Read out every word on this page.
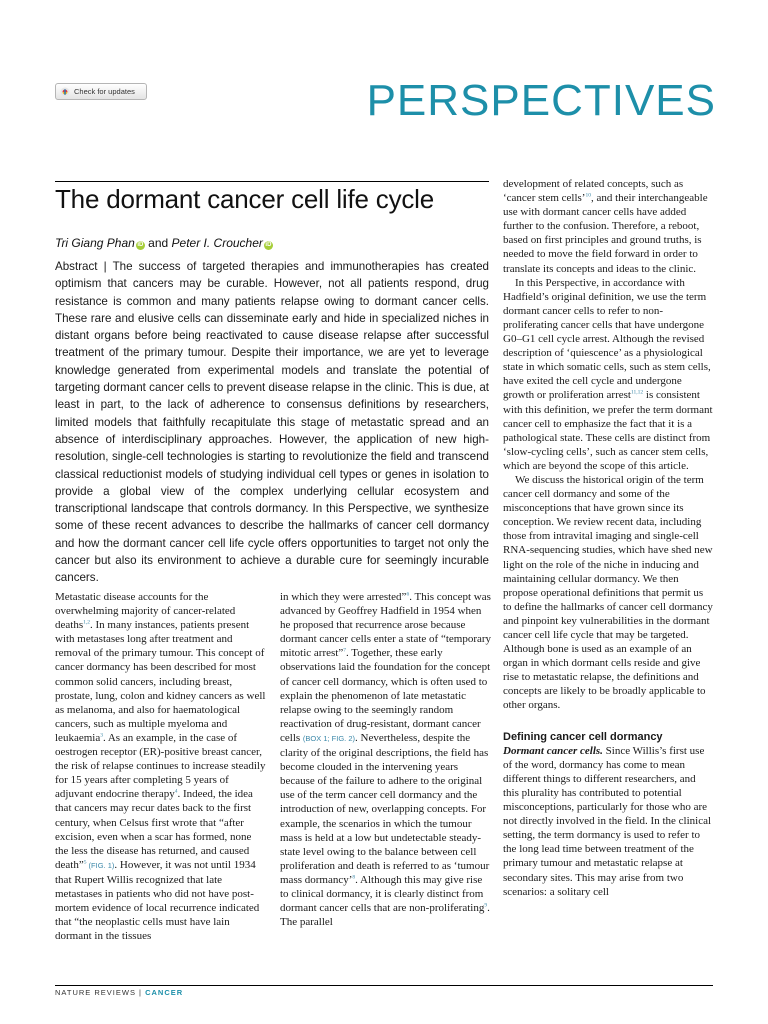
Check for updates	PERSPECTIVES
The dormant cancer cell life cycle
Tri Giang Phan iD and Peter I. Croucher iD

Abstract | The success of targeted therapies and immunotherapies has created optimism that cancers may be curable. However, not all patients respond, drug resistance is common and many patients relapse owing to dormant cancer cells. These rare and elusive cells can disseminate early and hide in specialized niches in distant organs before being reactivated to cause disease relapse after successful treatment of the primary tumour. Despite their importance, we are yet to leverage knowledge generated from experimental models and translate the potential of targeting dormant cancer cells to prevent disease relapse in the clinic. This is due, at least in part, to the lack of adherence to consensus definitions by researchers, limited models that faithfully recapitulate this stage of metastatic spread and an absence of interdisciplinary approaches. However, the application of new high-resolution, single-cell technologies is starting to revolutionize the field and transcend classical reductionist models of studying individual cell types or genes in isolation to provide a global view of the complex underlying cellular ecosystem and transcriptional landscape that controls dormancy. In this Perspective, we synthesize some of these recent advances to describe the hallmarks of cancer cell dormancy and how the dormant cancer cell life cycle offers opportunities to target not only the cancer but also its environment to achieve a durable cure for seemingly incurable cancers.

Metastatic disease accounts for the overwhelming majority of cancer-related deaths$^{1,2}$. In many instances, patients present with metastases long after treatment and removal of the primary tumour. This concept of cancer dormancy has been described for most common solid cancers, including breast, prostate, lung, colon and kidney cancers as well as melanoma, and also for haematological cancers, such as multiple myeloma and leukaemia$^3$. As an example, in the case of oestrogen receptor (ER)-positive breast cancer, the risk of relapse continues to increase steadily for 15 years after completing 5 years of adjuvant endocrine therapy$^4$. Indeed, the idea that cancers may recur dates back to the first century, when Celsus first wrote that “after excision, even when a scar has formed, none the less the disease has returned, and caused death”$^5$ (FIG. 1). However, it was not until 1934 that Rupert Willis recognized that late metastases in patients who did not have post-mortem evidence of local recurrence indicated that “the neoplastic cells must have lain dormant in the tissues

in which they were arrested”$^6$. This concept was advanced by Geoffrey Hadfield in 1954 when he proposed that recurrence arose because dormant cancer cells enter a state of “temporary mitotic arrest”$^7$. Together, these early observations laid the foundation for the concept of cancer cell dormancy, which is often used to explain the phenomenon of late metastatic relapse owing to the seemingly random reactivation of drug-resistant, dormant cancer cells (BOX 1; FIG. 2). Nevertheless, despite the clarity of the original descriptions, the field has become clouded in the intervening years because of the failure to adhere to the original use of the term cancer cell dormancy and the introduction of new, overlapping concepts. For example, the scenarios in which the tumour mass is held at a low but undetectable steady-state level owing to the balance between cell proliferation and death is referred to as ‘tumour mass dormancy’$^8$. Although this may give rise to clinical dormancy, it is clearly distinct from dormant cancer cells that are non-proliferating$^9$. The parallel

development of related concepts, such as ‘cancer stem cells’$^{10}$, and their interchangeable use with dormant cancer cells have added further to the confusion. Therefore, a reboot, based on first principles and ground truths, is needed to move the field forward in order to translate its concepts and ideas to the clinic.

In this Perspective, in accordance with Hadfield’s original definition, we use the term dormant cancer cells to refer to non-proliferating cancer cells that have undergone G0–G1 cell cycle arrest. Although the revised description of ‘quiescence’ as a physiological state in which somatic cells, such as stem cells, have exited the cell cycle and undergone growth or proliferation arrest$^{11,12}$ is consistent with this definition, we prefer the term dormant cancer cell to emphasize the fact that it is a pathological state. These cells are distinct from ‘slow-cycling cells’, such as cancer stem cells, which are beyond the scope of this article.

We discuss the historical origin of the term cancer cell dormancy and some of the misconceptions that have grown since its conception. We review recent data, including those from intravital imaging and single-cell RNA-sequencing studies, which have shed new light on the role of the niche in inducing and maintaining cellular dormancy. We then propose operational definitions that permit us to define the hallmarks of cancer cell dormancy and pinpoint key vulnerabilities in the dormant cancer cell life cycle that may be targeted. Although bone is used as an example of an organ in which dormant cells reside and give rise to metastatic relapse, the definitions and concepts are likely to be broadly applicable to other organs.

Defining cancer cell dormancy

Dormant cancer cells. Since Willis’s first use of the word, dormancy has come to mean different things to different researchers, and this plurality has contributed to potential misconceptions, particularly for those who are not directly involved in the field. In the clinical setting, the term dormancy is used to refer to the long lead time between treatment of the primary tumour and metastatic relapse at secondary sites. This may arise from two scenarios: a solitary cell

NATURE REVIEWS | CANCER
